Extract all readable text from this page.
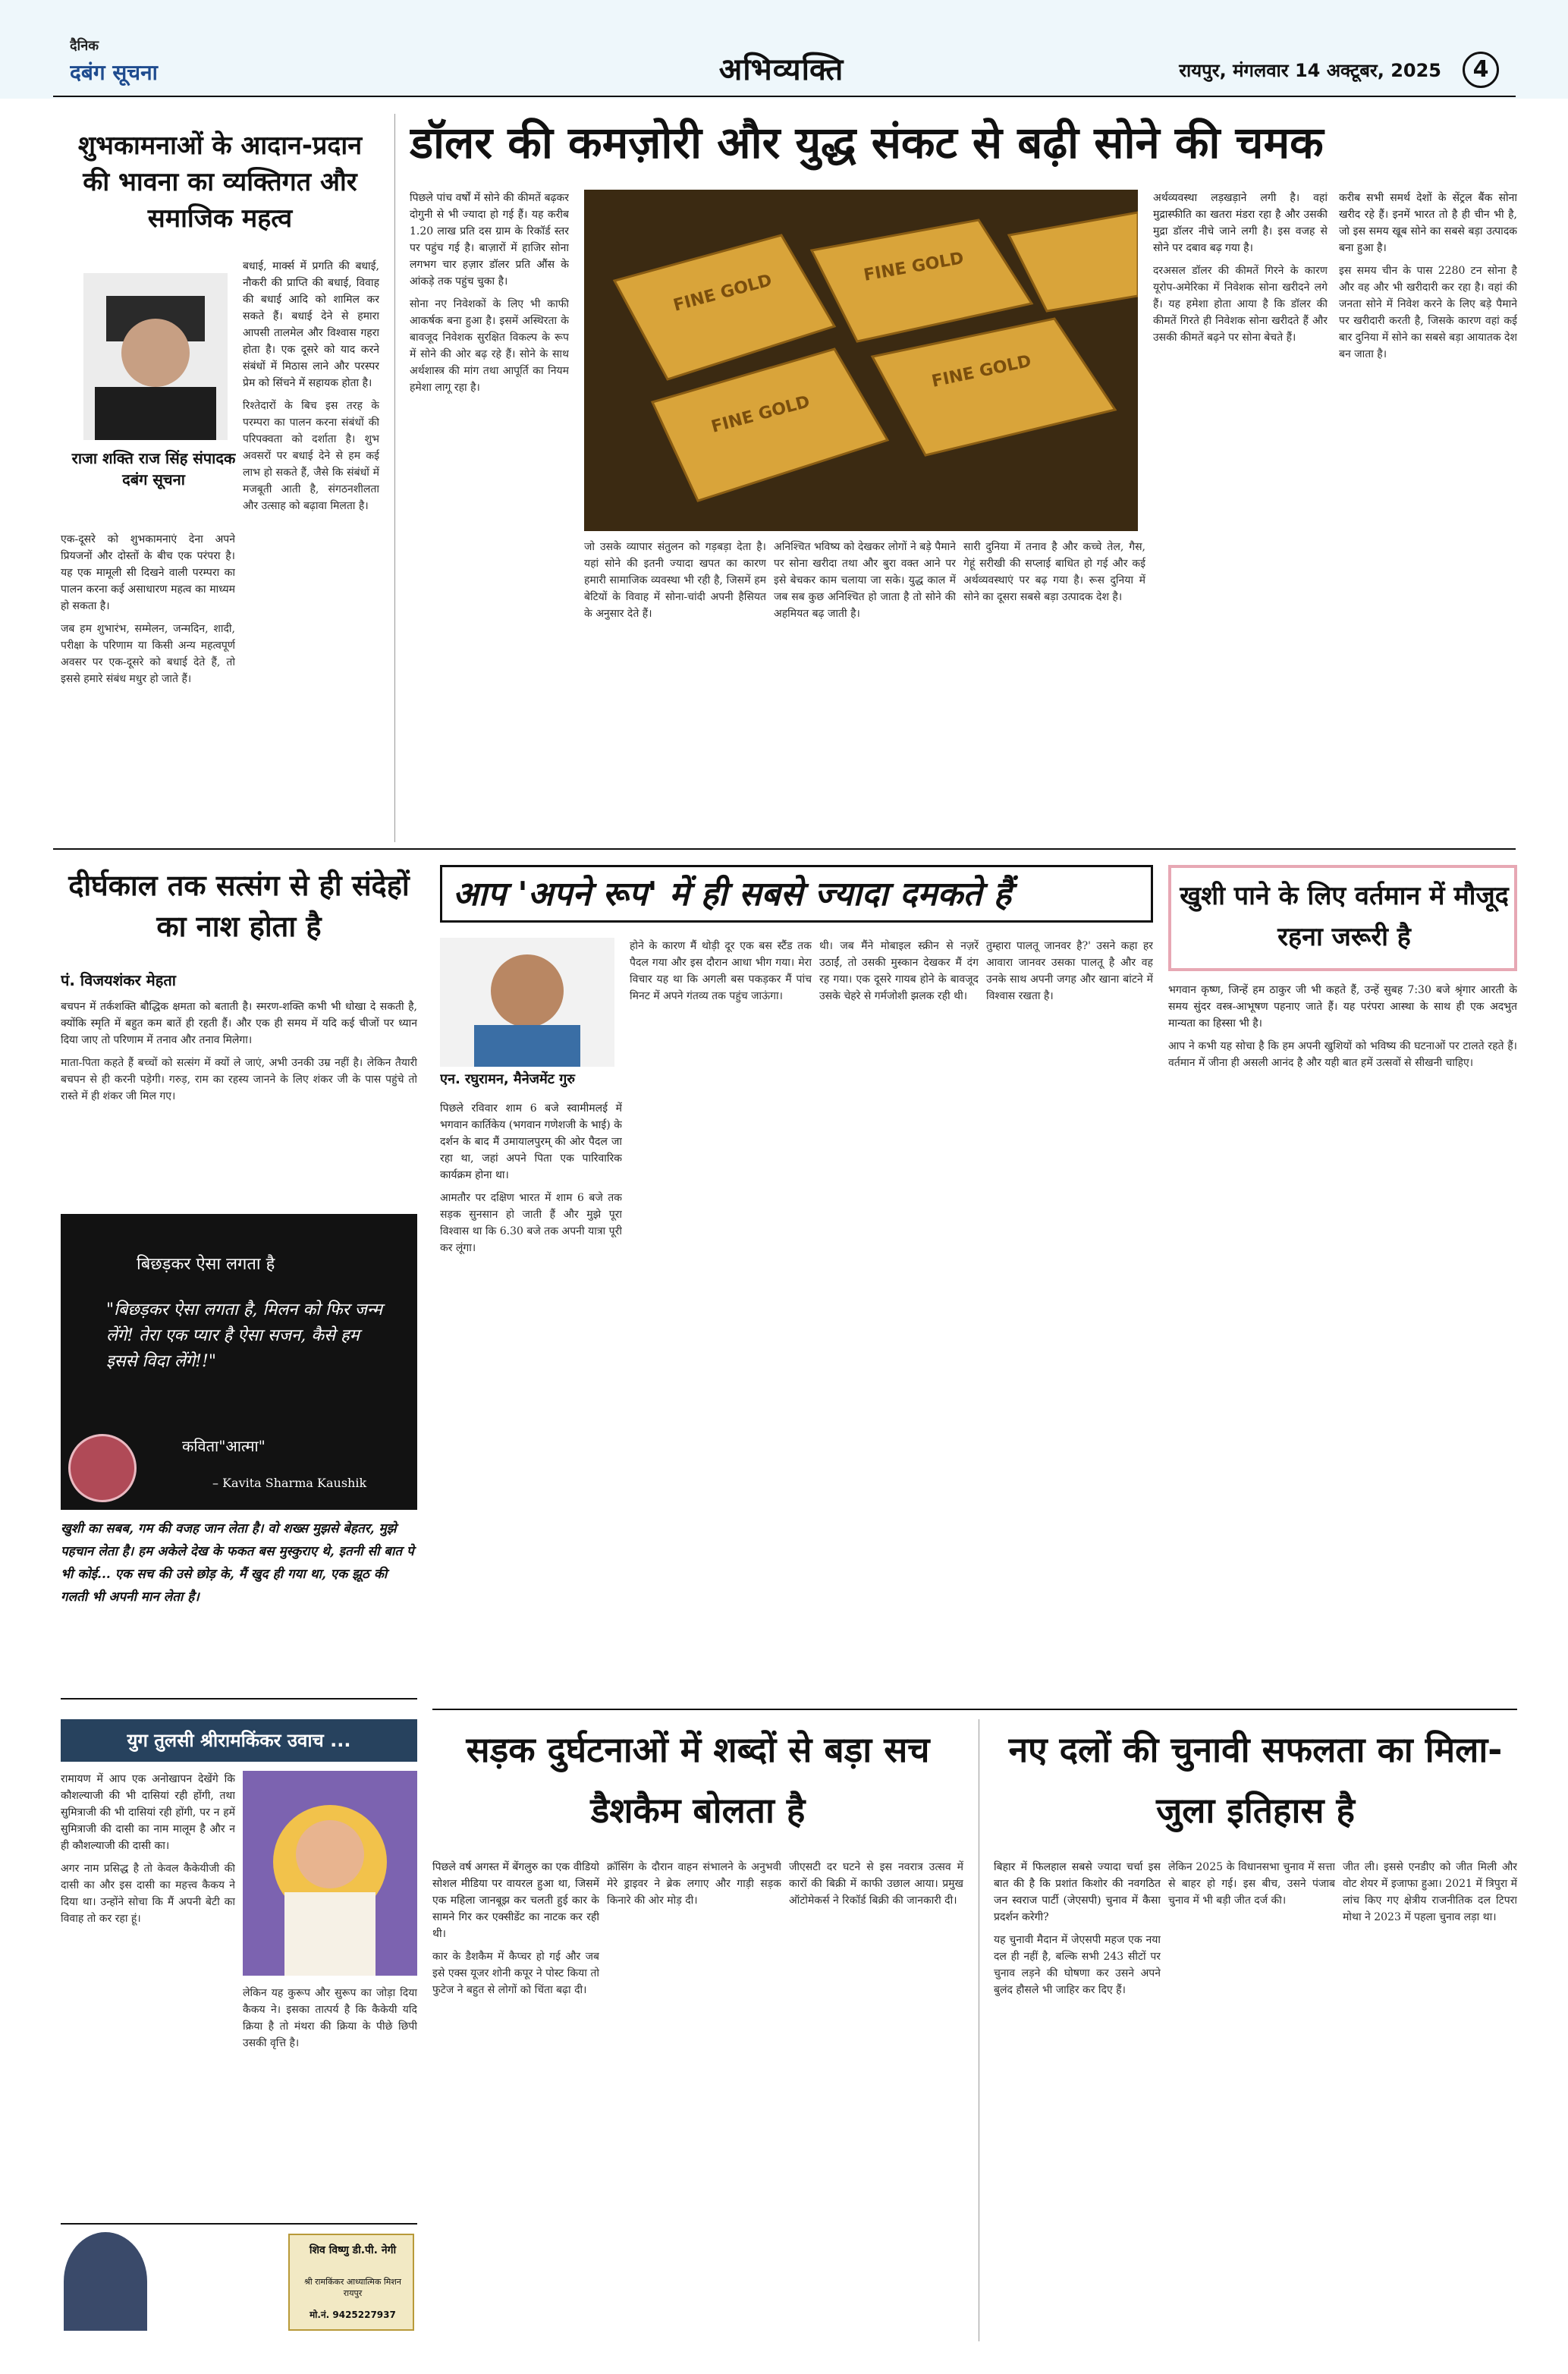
दैनिक
दबंग सूचना	अभिव्यक्ति	रायपुर, मंगलवार 14 अक्टूबर, 2025	4
शुभकामनाओं के आदान-प्रदान की भावना का व्यक्तिगत और समाजिक महत्व
राजा शक्ति राज सिंह संपादक दबंग सूचना

बधाई, मार्क्स में प्रगति की बधाई, नौकरी की प्राप्ति की बधाई, विवाह की बधाई आदि को शामिल कर सकते हैं। बधाई देने से हमारा आपसी तालमेल और विश्वास गहरा होता है। एक दूसरे को याद करने संबंधों में मिठास लाने और परस्पर प्रेम को सिंचने में सहायक होता है।

रिश्तेदारों के बिच इस तरह के परम्परा का पालन करना संबंधों की परिपक्वता को दर्शाता है। शुभ अवसरों पर बधाई देने से हम कई लाभ हो सकते हैं, जैसे कि संबंधों में मजबूती आती है, संगठनशीलता और उत्साह को बढ़ावा मिलता है।

एक-दूसरे को शुभकामनाएं देना अपने प्रियजनों और दोस्तों के बीच एक परंपरा है। यह एक मामूली सी दिखने वाली परम्परा का पालन करना कई असाधारण महत्व का माध्यम हो सकता है।

जब हम शुभारंभ, सम्मेलन, जन्मदिन, शादी, परीक्षा के परिणाम या किसी अन्य महत्वपूर्ण अवसर पर एक-दूसरे को बधाई देते हैं, तो इससे हमारे संबंध मधुर हो जाते हैं।

डॉलर की कमज़ोरी और युद्ध संकट से बढ़ी सोने की चमक

पिछले पांच वर्षों में सोने की कीमतें बढ़कर दोगुनी से भी ज्यादा हो गई हैं। यह करीब 1.20 लाख प्रति दस ग्राम के रिकॉर्ड स्तर पर पहुंच गई है। बाज़ारों में हाजिर सोना लगभग चार हज़ार डॉलर प्रति औंस के आंकड़े तक पहुंच चुका है।

सोना नए निवेशकों के लिए भी काफी आकर्षक बना हुआ है। इसमें अस्थिरता के बावजूद निवेशक सुरक्षित विकल्प के रूप में सोने की ओर बढ़ रहे हैं। सोने के साथ अर्थशास्त्र की मांग तथा आपूर्ति का नियम हमेशा लागू रहा है।

FINE GOLD
FINE GOLD
FINE GOLD
FINE GOLD

जो उसके व्यापार संतुलन को गड़बड़ा देता है। यहां सोने की इतनी ज्यादा खपत का कारण हमारी सामाजिक व्यवस्था भी रही है, जिसमें हम बेटियों के विवाह में सोना-चांदी अपनी हैसियत के अनुसार देते हैं।

अनिश्चित भविष्य को देखकर लोगों ने बड़े पैमाने पर सोना खरीदा तथा और बुरा वक्त आने पर इसे बेचकर काम चलाया जा सके। युद्ध काल में जब सब कुछ अनिश्चित हो जाता है तो सोने की अहमियत बढ़ जाती है।

सारी दुनिया में तनाव है और कच्चे तेल, गैस, गेहूं सरीखी की सप्लाई बाधित हो गई और कई अर्थव्यवस्थाएं पर बढ़ गया है। रूस दुनिया में सोने का दूसरा सबसे बड़ा उत्पादक देश है।

अर्थव्यवस्था लड़खड़ाने लगी है। वहां मुद्रास्फीति का खतरा मंडरा रहा है और उसकी मुद्रा डॉलर नीचे जाने लगी है। इस वजह से सोने पर दबाव बढ़ गया है।

दरअसल डॉलर की कीमतें गिरने के कारण यूरोप-अमेरिका में निवेशक सोना खरीदने लगे हैं। यह हमेशा होता आया है कि डॉलर की कीमतें गिरते ही निवेशक सोना खरीदते हैं और उसकी कीमतें बढ़ने पर सोना बेचते हैं।

करीब सभी समर्थ देशों के सेंट्रल बैंक सोना खरीद रहे हैं। इनमें भारत तो है ही चीन भी है, जो इस समय खूब सोने का सबसे बड़ा उत्पादक बना हुआ है।

इस समय चीन के पास 2280 टन सोना है और वह और भी खरीदारी कर रहा है। वहां की जनता सोने में निवेश करने के लिए बड़े पैमाने पर खरीदारी करती है, जिसके कारण वहां कई बार दुनिया में सोने का सबसे बड़ा आयातक देश बन जाता है।

दीर्घकाल तक सत्संग से ही संदेहों का नाश होता है
पं. विजयशंकर मेहता

बचपन में तर्कशक्ति बौद्धिक क्षमता को बताती है। स्मरण-शक्ति कभी भी धोखा दे सकती है, क्योंकि स्मृति में बहुत कम बातें ही रहती हैं। और एक ही समय में यदि कई चीजों पर ध्यान दिया जाए तो परिणाम में तनाव और तनाव मिलेगा।

माता-पिता कहते हैं बच्चों को सत्संग में क्यों ले जाएं, अभी उनकी उम्र नहीं है। लेकिन तैयारी बचपन से ही करनी पड़ेगी। गरुड़, राम का रहस्य जानने के लिए शंकर जी के पास पहुंचे तो रास्ते में ही शंकर जी मिल गए।

बिछड़कर ऐसा लगता है
"बिछड़कर ऐसा लगता है, मिलन को फिर जन्म लेंगे! तेरा एक प्यार है ऐसा सजन, कैसे हम इससे विदा लेंगे!!"
कविता"आत्मा"
– Kavita Sharma Kaushik
खुशी का सबब, गम की वजह जान लेता है। वो शख्स मुझसे बेहतर, मुझे पहचान लेता है। हम अकेले देख के फकत बस मुस्कुराए थे, इतनी सी बात पे भी कोई... एक सच की उसे छोड़ के, मैं खुद ही गया था, एक झूठ की गलती भी अपनी मान लेता है।
आप 'अपने रूप' में ही सबसे ज्यादा दमकते हैं
एन. रघुरामन, मैनेजमेंट गुरु

पिछले रविवार शाम 6 बजे स्वामीमलई में भगवान कार्तिकेय (भगवान गणेशजी के भाई) के दर्शन के बाद मैं उमायालपुरम् की ओर पैदल जा रहा था, जहां अपने पिता एक पारिवारिक कार्यक्रम होना था।

आमतौर पर दक्षिण भारत में शाम 6 बजे तक सड़क सुनसान हो जाती हैं और मुझे पूरा विश्वास था कि 6.30 बजे तक अपनी यात्रा पूरी कर लूंगा।

होने के कारण मैं थोड़ी दूर एक बस स्टैंड तक पैदल गया और इस दौरान आधा भीग गया। मेरा विचार यह था कि अगली बस पकड़कर मैं पांच मिनट में अपने गंतव्य तक पहुंच जाऊंगा।

थी। जब मैंने मोबाइल स्क्रीन से नज़रें उठाईं, तो उसकी मुस्कान देखकर मैं दंग रह गया। एक दूसरे गायब होने के बावजूद उसके चेहरे से गर्मजोशी झलक रही थी।

तुम्हारा पालतू जानवर है?' उसने कहा हर आवारा जानवर उसका पालतू है और वह उनके साथ अपनी जगह और खाना बांटने में विश्वास रखता है।

खुशी पाने के लिए वर्तमान में मौजूद रहना जरूरी है

भगवान कृष्ण, जिन्हें हम ठाकुर जी भी कहते हैं, उन्हें सुबह 7:30 बजे श्रृंगार आरती के समय सुंदर वस्त्र-आभूषण पहनाए जाते हैं। यह परंपरा आस्था के साथ ही एक अदभुत मान्यता का हिस्सा भी है।

आप ने कभी यह सोचा है कि हम अपनी खुशियों को भविष्य की घटनाओं पर टालते रहते हैं। वर्तमान में जीना ही असली आनंद है और यही बात हमें उत्सवों से सीखनी चाहिए।

युग तुलसी श्रीरामकिंकर उवाच ...

रामायण में आप एक अनोखापन देखेंगे कि कौशल्याजी की भी दासियां रही होंगी, तथा सुमित्राजी की भी दासियां रही होंगी, पर न हमें सुमित्राजी की दासी का नाम मालूम है और न ही कौशल्याजी की दासी का।

अगर नाम प्रसिद्ध है तो केवल कैकेयीजी की दासी का और इस दासी का महत्त्व कैकय ने दिया था। उन्होंने सोचा कि मैं अपनी बेटी का विवाह तो कर रहा हूं।

लेकिन यह कुरूप और सुरूप का जोड़ा दिया कैकय ने। इसका तात्पर्य है कि कैकेयी यदि क्रिया है तो मंथरा की क्रिया के पीछे छिपी उसकी वृत्ति है।

शिव विष्णु डी.पी. नेगी
श्री रामकिंकर आध्यात्मिक मिशन रायपुर
मो.नं. 9425227937
सड़क दुर्घटनाओं में शब्दों से बड़ा सच डैशकैम बोलता है

पिछले वर्ष अगस्त में बेंगलुरु का एक वीडियो सोशल मीडिया पर वायरल हुआ था, जिसमें एक महिला जानबूझ कर चलती हुई कार के सामने गिर कर एक्सीडेंट का नाटक कर रही थी।

कार के डैशकैम में कैप्चर हो गई और जब इसे एक्स यूजर शोनी कपूर ने पोस्ट किया तो फुटेज ने बहुत से लोगों को चिंता बढ़ा दी।

क्रॉसिंग के दौरान वाहन संभालने के अनुभवी मेरे ड्राइवर ने ब्रेक लगाए और गाड़ी सड़क किनारे की ओर मोड़ दी।

जीएसटी दर घटने से इस नवरात्र उत्सव में कारों की बिक्री में काफी उछाल आया। प्रमुख ऑटोमेकर्स ने रिकॉर्ड बिक्री की जानकारी दी।

नए दलों की चुनावी सफलता का मिला-जुला इतिहास है

बिहार में फिलहाल सबसे ज्यादा चर्चा इस बात की है कि प्रशांत किशोर की नवगठित जन स्वराज पार्टी (जेएसपी) चुनाव में कैसा प्रदर्शन करेगी?

यह चुनावी मैदान में जेएसपी महज एक नया दल ही नहीं है, बल्कि सभी 243 सीटों पर चुनाव लड़ने की घोषणा कर उसने अपने बुलंद हौसले भी जाहिर कर दिए हैं।

लेकिन 2025 के विधानसभा चुनाव में सत्ता से बाहर हो गई। इस बीच, उसने पंजाब चुनाव में भी बड़ी जीत दर्ज की।

जीत ली। इससे एनडीए को जीत मिली और वोट शेयर में इजाफा हुआ। 2021 में त्रिपुरा में लांच किए गए क्षेत्रीय राजनीतिक दल टिपरा मोथा ने 2023 में पहला चुनाव लड़ा था।
